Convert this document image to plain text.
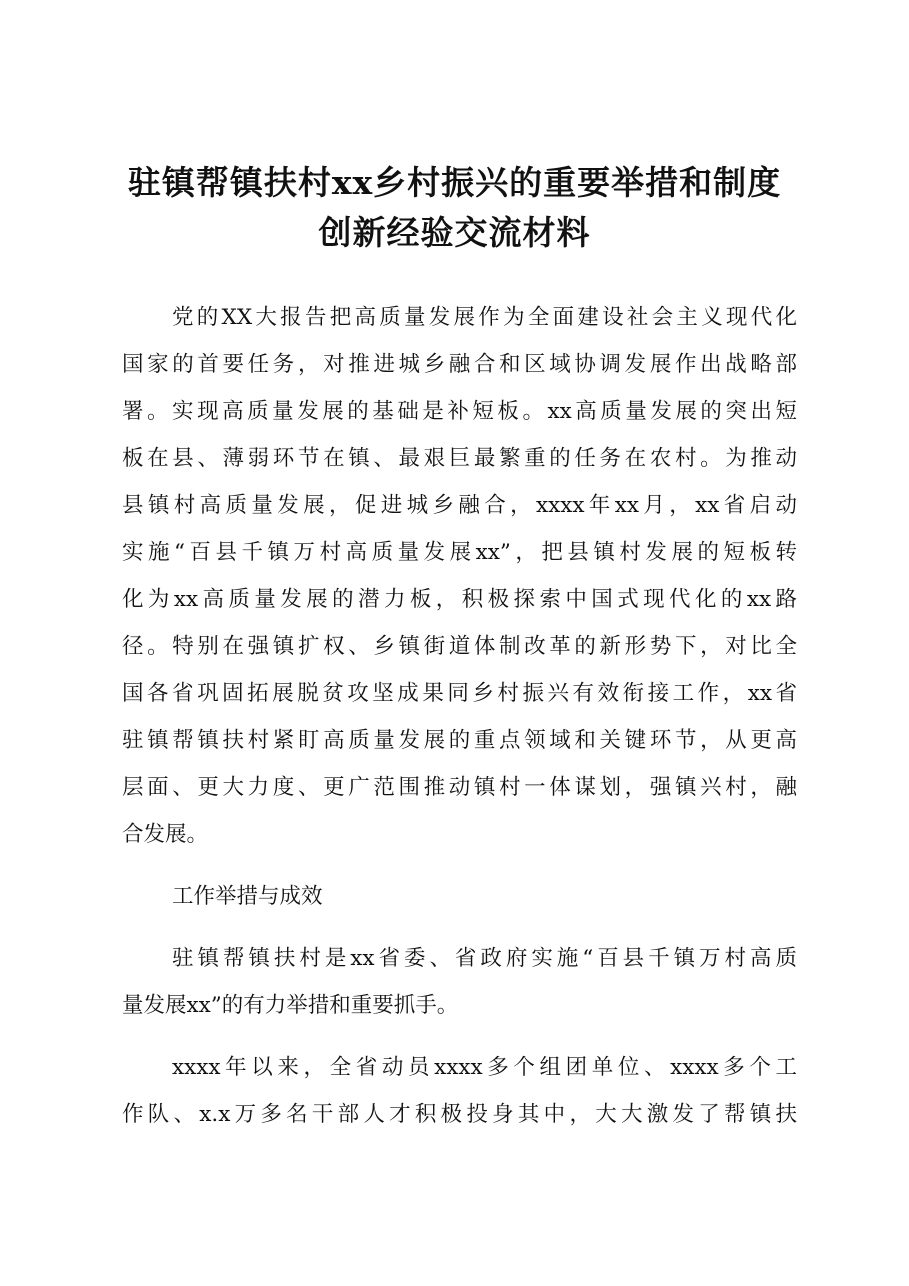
驻镇帮镇扶村xx乡村振兴的重要举措和制度
创新经验交流材料

党的XX大报告把高质量发展作为全面建设社会主义现代化
国家的首要任务，对推进城乡融合和区域协调发展作出战略部
署。实现高质量发展的基础是补短板。xx高质量发展的突出短
板在县、薄弱环节在镇、最艰巨最繁重的任务在农村。为推动
县镇村高质量发展，促进城乡融合，xxxx年xx月，xx省启动
实施“百县千镇万村高质量发展xx”，把县镇村发展的短板转
化为xx高质量发展的潜力板，积极探索中国式现代化的xx路
径。特别在强镇扩权、乡镇街道体制改革的新形势下，对比全
国各省巩固拓展脱贫攻坚成果同乡村振兴有效衔接工作，xx省
驻镇帮镇扶村紧盯高质量发展的重点领域和关键环节，从更高
层面、更大力度、更广范围推动镇村一体谋划，强镇兴村，融
合发展。

工作举措与成效

驻镇帮镇扶村是xx省委、省政府实施“百县千镇万村高质
量发展xx”的有力举措和重要抓手。

xxxx年以来，全省动员xxxx多个组团单位、xxxx多个工
作队、x.x万多名干部人才积极投身其中，大大激发了帮镇扶
